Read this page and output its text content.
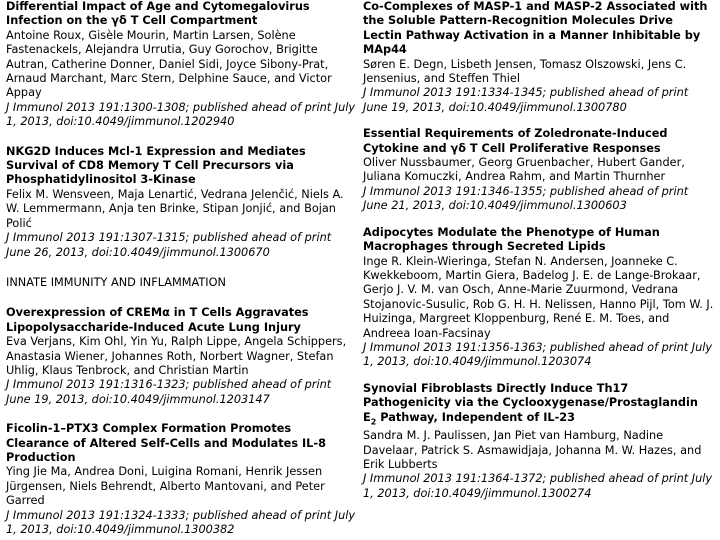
Differential Impact of Age and Cytomegalovirus Infection on the γδ T Cell Compartment
Antoine Roux, Gisèle Mourin, Martin Larsen, Solène Fastenackels, Alejandra Urrutia, Guy Gorochov, Brigitte Autran, Catherine Donner, Daniel Sidi, Joyce Sibony-Prat, Arnaud Marchant, Marc Stern, Delphine Sauce, and Victor Appay
J Immunol 2013 191:1300-1308; published ahead of print July 1, 2013, doi:10.4049/jimmunol.1202940
NKG2D Induces Mcl-1 Expression and Mediates Survival of CD8 Memory T Cell Precursors via Phosphatidylinositol 3-Kinase
Felix M. Wensveen, Maja Lenartić, Vedrana Jelenčić, Niels A. W. Lemmermann, Anja ten Brinke, Stipan Jonjić, and Bojan Polić
J Immunol 2013 191:1307-1315; published ahead of print June 26, 2013, doi:10.4049/jimmunol.1300670
INNATE IMMUNITY AND INFLAMMATION
Overexpression of CREMα in T Cells Aggravates Lipopolysaccharide-Induced Acute Lung Injury
Eva Verjans, Kim Ohl, Yin Yu, Ralph Lippe, Angela Schippers, Anastasia Wiener, Johannes Roth, Norbert Wagner, Stefan Uhlig, Klaus Tenbrock, and Christian Martin
J Immunol 2013 191:1316-1323; published ahead of print June 19, 2013, doi:10.4049/jimmunol.1203147
Ficolin-1–PTX3 Complex Formation Promotes Clearance of Altered Self-Cells and Modulates IL-8 Production
Ying Jie Ma, Andrea Doni, Luigina Romani, Henrik Jessen Jürgensen, Niels Behrendt, Alberto Mantovani, and Peter Garred
J Immunol 2013 191:1324-1333; published ahead of print July 1, 2013, doi:10.4049/jimmunol.1300382
Co-Complexes of MASP-1 and MASP-2 Associated with the Soluble Pattern-Recognition Molecules Drive Lectin Pathway Activation in a Manner Inhibitable by MAp44
Søren E. Degn, Lisbeth Jensen, Tomasz Olszowski, Jens C. Jensenius, and Steffen Thiel
J Immunol 2013 191:1334-1345; published ahead of print June 19, 2013, doi:10.4049/jimmunol.1300780
Essential Requirements of Zoledronate-Induced Cytokine and γδ T Cell Proliferative Responses
Oliver Nussbaumer, Georg Gruenbacher, Hubert Gander, Juliana Komuczki, Andrea Rahm, and Martin Thurnher
J Immunol 2013 191:1346-1355; published ahead of print June 21, 2013, doi:10.4049/jimmunol.1300603
Adipocytes Modulate the Phenotype of Human Macrophages through Secreted Lipids
Inge R. Klein-Wieringa, Stefan N. Andersen, Joanneke C. Kwekkeboom, Martin Giera, Badelog J. E. de Lange-Brokaar, Gerjo J. V. M. van Osch, Anne-Marie Zuurmond, Vedrana Stojanovic-Susulic, Rob G. H. H. Nelissen, Hanno Pijl, Tom W. J. Huizinga, Margreet Kloppenburg, René E. M. Toes, and Andreea Ioan-Facsinay
J Immunol 2013 191:1356-1363; published ahead of print July 1, 2013, doi:10.4049/jimmunol.1203074
Synovial Fibroblasts Directly Induce Th17 Pathogenicity via the Cyclooxygenase/Prostaglandin $E_2$ Pathway, Independent of IL-23
Sandra M. J. Paulissen, Jan Piet van Hamburg, Nadine Davelaar, Patrick S. Asmawidjaja, Johanna M. W. Hazes, and Erik Lubberts
J Immunol 2013 191:1364-1372; published ahead of print July 1, 2013, doi:10.4049/jimmunol.1300274
